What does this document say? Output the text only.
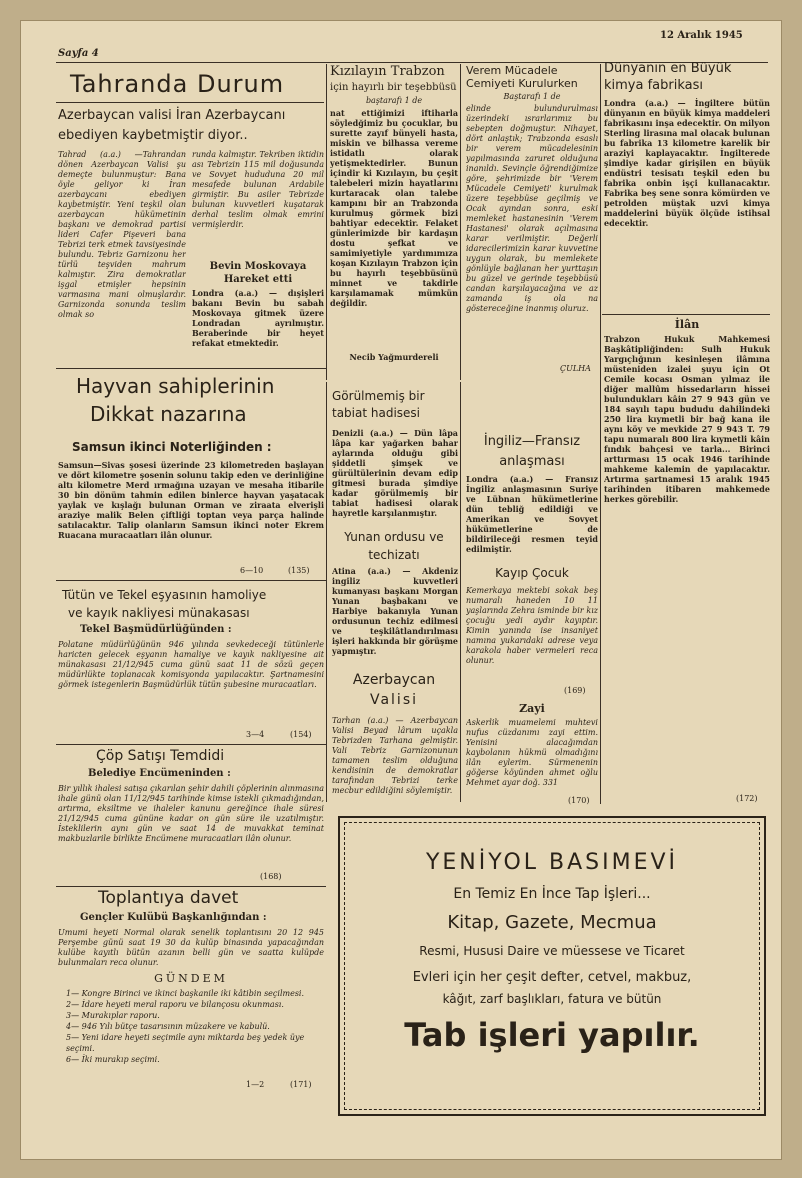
Sayfa 4
12 Aralık 1945
Tahranda Durum
Azerbaycan valisi İran Azerbaycanı ebediyen kaybetmiştir diyor..
Tahrad (a.a.) —Tahrandan dönen Azerbaycan Valisi şu demeçte bulunmuştur: Bana öyle geliyor ki İran azerbaycanı ebediyen kaybetmiştir. Yeni teşkil olan azerbaycan hükümetinin başkanı ve demokrad partisi lideri Cafer Pişeveri bana Tebrizi terk etmek tavsiyesinde bulundu. Tebriz Garnizonu her türlü teşviden mahrum kalmıştır. Zira demokratlar işgal etmişler hepsinin varmasına mani olmuşlardır. Garnizonda sonunda teslim olmak so
runda kalmıştır. Tekriben iktidin ası Tebrizin 115 mil doğusunda ve Sovyet hududuna 20 mil mesafede bulunan Ardabile girmiştir. Bu asiler Tebrizde bulunan kuvvetleri kuşatarak derhal teslim olmak emrini vermişlerdir.
Bevin Moskovaya Hareket etti
Londra (a.a.) — dışişleri bakanı Bevin bu sabah Moskovaya gitmek üzere Londradan ayrılmıştır. Beraberinde bir heyet refakat etmektedir.
Kızılayın Trabzon
için hayırlı bir teşebbüsü
baştarafı 1 de
nat ettiğimizi iftiharla söyledğimiz bu çocuklar, bu surette zayıf bünyeli hasta, miskin ve bilhassa vereme istidatlı olarak yetişmektedirler. Bunun içindir ki Kızılayın, bu çeşit talebeleri mizin hayatlarını kurtaracak olan talebe kampını bir an Trabzonda kurulmuş görmek bizi bahtiyar edecektir. Felaket günlerimizde bir kardaşın dostu şefkat ve samimiyetiyle yardımımıza koşan Kızılayın Trabzon için bu hayırlı teşebbüsünü minnet ve takdirle karşılamamak mümkün değildir.
Necib Yağmurdereli
Verem Mücadele Cemiyeti Kurulurken
Baştarafı 1 de
elinde bulundurulması üzerindeki ısrarlarımız bu sebepten doğmuştur. Nihayet, dört anlaştık; Trabzonda esaslı bir verem mücadelesinin yapılmasında zaruret olduğuna inanıldı. Sevinçle öğrendiğimize göre, şehrimizde bir 'Verem Mücadele Cemiyeti' kurulmak üzere teşebbüse geçilmiş ve Ocak ayından sonra, eski memleket hastanesinin 'Verem Hastanesi' olarak açılmasına karar verilmiştir. Değerli idarecilerimizin karar kuvvetine uygun olarak, bu memlekete gönlüyle bağlanan her yurttaşın bu güzel ve gerinde teşebbüsü candan karşılayacağına ve az zamanda iş ola na göstereceğine inanmış oluruz.
ÇULHA
Dünyanın en Büyük kimya fabrikası
Londra (a.a.) — İngiltere bütün dünyanın en büyük kimya maddeleri fabrikasını inşa edecektir. On milyon Sterling lirasına mal olacak bulunan bu fabrika 13 kilometre karelik bir araziyi kaplayacaktır. İngilterede şimdiye kadar girişilen en büyük endüstri tesisatı teşkil eden bu fabrika onbin işçi kullanacaktır. Fabrika beş sene sonra kömürden ve petrolden müştak uzvi kimya maddelerini büyük ölçüde istihsal edecektir.
İlân
Trabzon Hukuk Mahkemesi Başkâtipliğinden: Sulh Hukuk Yargıçlığının kesinleşen ilâmına müsteniden izalei şuyu için Ot Cemile kocası Osman yılmaz ile diğer mallûm hissedarların hissei bulundukları kâin 27 9 943 gün ve 184 sayılı tapu bududu dahilindeki 250 lira kıymetli bir bağ kana ile aynı köy ve mevkide 27 9 943 T. 79 tapu numaralı 800 lira kıymetli kâin fındık bahçesi ve tarla... Birinci arttırması 15 ocak 1946 tarihinde mahkeme kalemin de yapılacaktır. Artırma şartnamesi 15 aralık 1945 tarihinden itibaren mahkemede herkes görebilir.
(172)
Hayvan sahiplerinin
Dikkat nazarına
Samsun ikinci Noterliğinden :
Samsun—Sivas şosesi üzerinde 23 kilometreden başlayan ve dört kilometre şosenin solunu takip eden ve derinliğine altı kilometre Merd ırmağına uzayan ve mesaha itibarile 30 bin dönüm tahmin edilen binlerce hayvan yaşatacak yaylak ve kışlağı bulunan Orman ve ziraata elverişli araziye malik Belen çiftliği toptan veya parça halinde satılacaktır. Talip olanların Samsun ikinci noter Ekrem Ruacana muracaatları ilân olunur.
6—10	(135)
Görülmemiş bir tabiat hadisesi
Denizli (a.a.) — Dün lâpa lâpa kar yağarken bahar aylarında olduğu gibi şiddetli şimşek ve gürültülerinin devam edip gitmesi burada şimdiye kadar görülmemiş bir tabiat hadisesi olarak hayretle karşılanmıştır.
Yunan ordusu ve techizatı
Atina (a.a.) — Akdeniz ingiliz kuvvetleri kumanyası başkanı Morgan Yunan başbakanı ve Harbiye bakanıyla Yunan ordusunun techiz edilmesi ve teşkilâtlandırılması işleri hakkında bir görüşme yapmıştır.
İngiliz—Fransız
anlaşması
Londra (a.a.) — Fransız İngiliz anlaşmasının Suriye ve Lübnan hükümetlerine dün tebliğ edildiği ve Amerikan ve Sovyet hükümetlerine de bildirileceği resmen teyid edilmiştir.
Tütün ve Tekel eşyasının hamoliye
ve kayık nakliyesi münakasası
Tekel Başmüdürlüğünden :
Polatane müdürlüğünün 946 yılında sevkedeceği tütünlerle haricten gelecek eşyanın hamaliye ve kayık nakliyesine ait münakasası 21/12/945 cuma günü saat 11 de sözü geçen müdürlükte toplanacak komisyonda yapılacaktır. Şartnamesini görmek istegenlerin Başmüdürlük tütün şubesine muracaatları.
3—4	(154)
Azerbaycan
Valisi
Tarhan (a.a.) — Azerbaycan Valisi Beyad lârum uçakla Tebrizden Tarhana gelmiştir. Vali Tebriz Garnizonunun tamamen teslim olduğuna kendisinin de demokratlar tarafından Tebrizi terke mecbur edildiğini söylemiştir.
Kayıp Çocuk
Kemerkaya mektebi sokak beş numaralı haneden 10 11 yaşlarında Zehra isminde bir kız çocuğu yedi aydır kayıptır. Kimin yanında ise insaniyet namına yukarıdaki adrese veya karakola haber vermeleri reca olunur.
(169)
Zayi
Askerlik muamelemi muhtevi nufus cüzdanımı zayi ettim. Yenisini alacağımdan kaybolanın hükmü olmadığını ilân eylerim. Sürmenenin göğerse köyünden ahmet oğlu Mehmet ayar doğ. 331
(170)
Çöp Satışı Temdidi
Belediye Encümeninden :
Bir yıllık ihalesi satışa çıkarılan şehir dahili çöplerinin alınmasına ihale günü olan 11/12/945 tarihinde kimse istekli çıkmadığından, artırma, eksiltme ve ihaleler kanunu gereğince ihale süresi 21/12/945 cuma gününe kadar on gün süre ile uzatılmıştır. İsteklilerin aynı gün ve saat 14 de muvakkat teminat makbuzlarile birlikte Encümene muracaatları ilân olunur.
(168)
Toplantıya davet
Gençler Kulübü Başkanlığından :
Umumi heyeti Normal olarak senelik toplantısını 20 12 945 Perşembe günü saat 19 30 da kulüp binasında yapacağından kulübe kayıtlı bütün azanın belli gün ve saatta kulüpde bulunmaları reca olunur.
GÜNDEM
1— Kongre Birinci ve ikinci başkanile iki kâtibin seçilmesi.
2— İdare heyeti meral raporu ve bilançosu okunması.
3— Murakıplar raporu.
4— 946 Yılı bütçe tasarısının müzakere ve kabulü.
5— Yeni idare heyeti seçimile aynı miktarda beş yedek üye seçimi.
6— İki murakıp seçimi.
1—2	(171)
YENİYOL BASIMEVİ
En Temiz En İnce Tap İşleri...
Kitap, Gazete, Mecmua
Resmi, Hususi Daire ve müessese ve Ticaret
Evleri için her çeşit defter, cetvel, makbuz,
kâğıt, zarf başlıkları, fatura ve bütün
Tab işleri yapılır.
